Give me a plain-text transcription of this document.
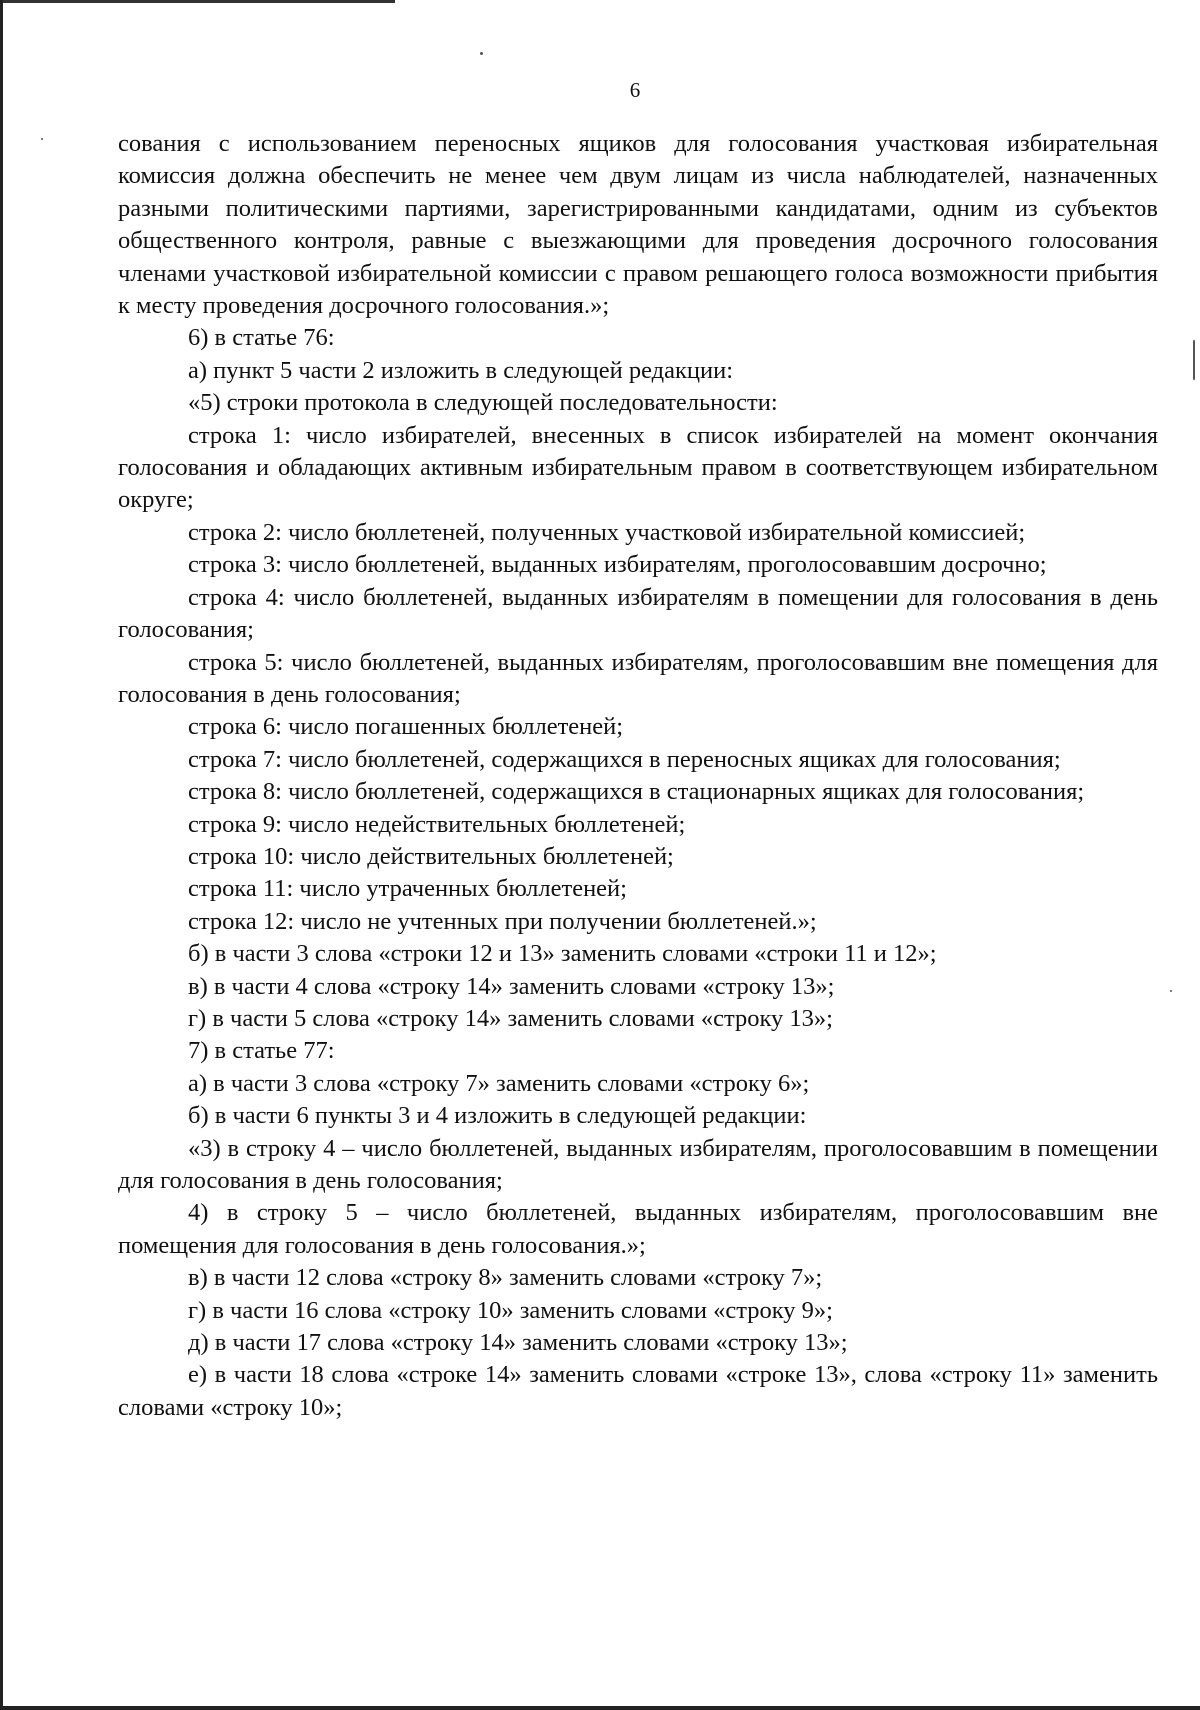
6

сования с использованием переносных ящиков для голосования участковая избирательная комиссия должна обеспечить не менее чем двум лицам из числа наблюдателей, назначенных разными политическими партиями, зарегистрированными кандидатами, одним из субъектов общественного контроля, равные с выезжающими для проведения досрочного голосования членами участковой избирательной комиссии с правом решающего голоса возможности прибытия к месту проведения досрочного голосования.»;

6) в статье 76:

а) пункт 5 части 2 изложить в следующей редакции:

«5) строки протокола в следующей последовательности:

строка 1: число избирателей, внесенных в список избирателей на момент окончания голосования и обладающих активным избирательным правом в соответствующем избирательном округе;

строка 2: число бюллетеней, полученных участковой избирательной комиссией;

строка 3: число бюллетеней, выданных избирателям, проголосовавшим досрочно;

строка 4: число бюллетеней, выданных избирателям в помещении для голосования в день голосования;

строка 5: число бюллетеней, выданных избирателям, проголосовавшим вне помещения для голосования в день голосования;

строка 6: число погашенных бюллетеней;

строка 7: число бюллетеней, содержащихся в переносных ящиках для голосования;

строка 8: число бюллетеней, содержащихся в стационарных ящиках для голосования;

строка 9: число недействительных бюллетеней;

строка 10: число действительных бюллетеней;

строка 11: число утраченных бюллетеней;

строка 12: число не учтенных при получении бюллетеней.»;

б) в части 3 слова «строки 12 и 13» заменить словами «строки 11 и 12»;

в) в части 4 слова «строку 14» заменить словами «строку 13»;

г) в части 5 слова «строку 14» заменить словами «строку 13»;

7) в статье 77:

а) в части 3 слова «строку 7» заменить словами «строку 6»;

б) в части 6 пункты 3 и 4 изложить в следующей редакции:

«3) в строку 4 – число бюллетеней, выданных избирателям, проголосовавшим в помещении для голосования в день голосования;

4) в строку 5 – число бюллетеней, выданных избирателям, проголосовавшим вне помещения для голосования в день голосования.»;

в) в части 12 слова «строку 8» заменить словами «строку 7»;

г) в части 16 слова «строку 10» заменить словами «строку 9»;

д) в части 17 слова «строку 14» заменить словами «строку 13»;

е) в части 18 слова «строке 14» заменить словами «строке 13», слова «строку 11» заменить словами «строку 10»;
